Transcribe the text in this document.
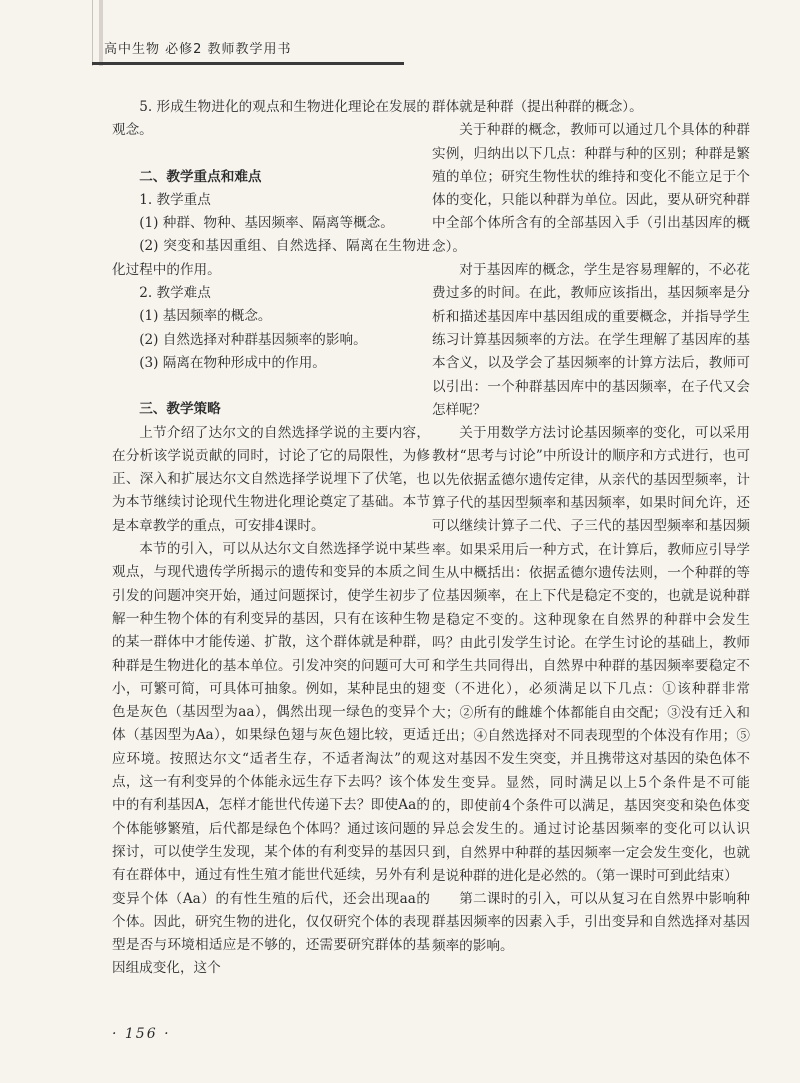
高中生物 必修2 教师教学用书

5. 形成生物进化的观点和生物进化理论在发展的观念。

二、教学重点和难点

1. 教学重点

(1) 种群、物种、基因频率、隔离等概念。

(2) 突变和基因重组、自然选择、隔离在生物进化过程中的作用。

2. 教学难点

(1) 基因频率的概念。

(2) 自然选择对种群基因频率的影响。

(3) 隔离在物种形成中的作用。

三、教学策略

上节介绍了达尔文的自然选择学说的主要内容，在分析该学说贡献的同时，讨论了它的局限性，为修正、深入和扩展达尔文自然选择学说埋下了伏笔，也为本节继续讨论现代生物进化理论奠定了基础。本节是本章教学的重点，可安排4课时。

本节的引入，可以从达尔文自然选择学说中某些观点，与现代遗传学所揭示的遗传和变异的本质之间引发的问题冲突开始，通过问题探讨，使学生初步了解一种生物个体的有利变异的基因，只有在该种生物的某一群体中才能传递、扩散，这个群体就是种群，种群是生物进化的基本单位。引发冲突的问题可大可小，可繁可简，可具体可抽象。例如，某种昆虫的翅色是灰色（基因型为aa），偶然出现一绿色的变异个体（基因型为Aa），如果绿色翅与灰色翅比较，更适应环境。按照达尔文“适者生存，不适者淘汰”的观点，这一有利变异的个体能永远生存下去吗？该个体中的有利基因A，怎样才能世代传递下去？即使Aa的个体能够繁殖，后代都是绿色个体吗？通过该问题的探讨，可以使学生发现，某个体的有利变异的基因只有在群体中，通过有性生殖才能世代延续，另外有利变异个体（Aa）的有性生殖的后代，还会出现aa的个体。因此，研究生物的进化，仅仅研究个体的表现型是否与环境相适应是不够的，还需要研究群体的基因组成变化，这个

群体就是种群（提出种群的概念）。

关于种群的概念，教师可以通过几个具体的种群实例，归纳出以下几点：种群与种的区别；种群是繁殖的单位；研究生物性状的维持和变化不能立足于个体的变化，只能以种群为单位。因此，要从研究种群中全部个体所含有的全部基因入手（引出基因库的概念）。

对于基因库的概念，学生是容易理解的，不必花费过多的时间。在此，教师应该指出，基因频率是分析和描述基因库中基因组成的重要概念，并指导学生练习计算基因频率的方法。在学生理解了基因库的基本含义，以及学会了基因频率的计算方法后，教师可以引出：一个种群基因库中的基因频率，在子代又会怎样呢？

关于用数学方法讨论基因频率的变化，可以采用教材“思考与讨论”中所设计的顺序和方式进行，也可以先依据孟德尔遗传定律，从亲代的基因型频率，计算子代的基因型频率和基因频率，如果时间允许，还可以继续计算子二代、子三代的基因型频率和基因频率。如果采用后一种方式，在计算后，教师应引导学生从中概括出：依据孟德尔遗传法则，一个种群的等位基因频率，在上下代是稳定不变的，也就是说种群是稳定不变的。这种现象在自然界的种群中会发生吗？由此引发学生讨论。在学生讨论的基础上，教师和学生共同得出，自然界中种群的基因频率要稳定不变（不进化），必须满足以下几点：①该种群非常大；②所有的雌雄个体都能自由交配；③没有迁入和迁出；④自然选择对不同表现型的个体没有作用；⑤这对基因不发生突变，并且携带这对基因的染色体不发生变异。显然，同时满足以上5个条件是不可能的，即使前4个条件可以满足，基因突变和染色体变异总会发生的。通过讨论基因频率的变化可以认识到，自然界中种群的基因频率一定会发生变化，也就是说种群的进化是必然的。（第一课时可到此结束）

第二课时的引入，可以从复习在自然界中影响种群基因频率的因素入手，引出变异和自然选择对基因频率的影响。

· 156 ·
